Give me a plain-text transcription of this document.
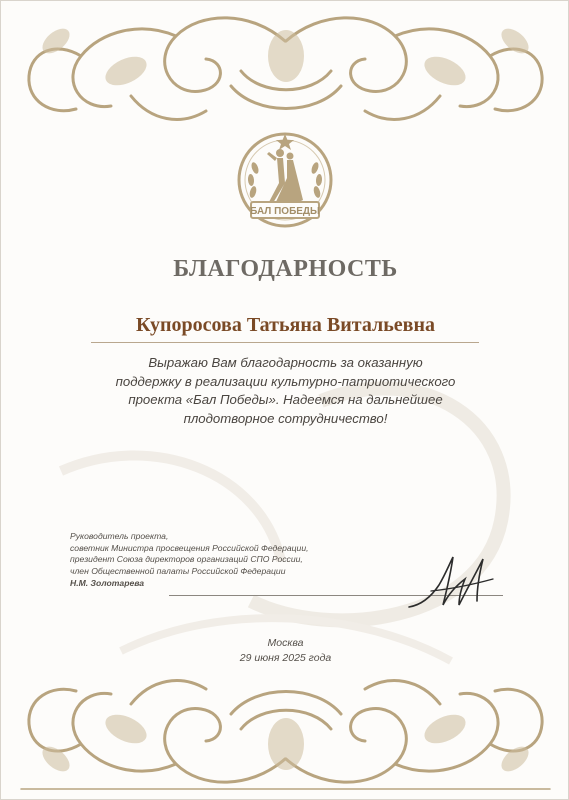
БАЛ ПОБЕДЫ
БЛАГОДАРНОСТЬ
Купоросова Татьяна Витальевна
Выражаю Вам благодарность за оказанную
поддержку в реализации культурно-патриотического
проекта «Бал Победы». Надеемся на дальнейшее
плодотворное сотрудничество!
Руководитель проекта,
советник Министра просвещения Российской Федерации,
президент Союза директоров организаций СПО России,
член Общественной палаты Российской Федерации
Н.М. Золотарева
Москва
29 июня 2025 года
